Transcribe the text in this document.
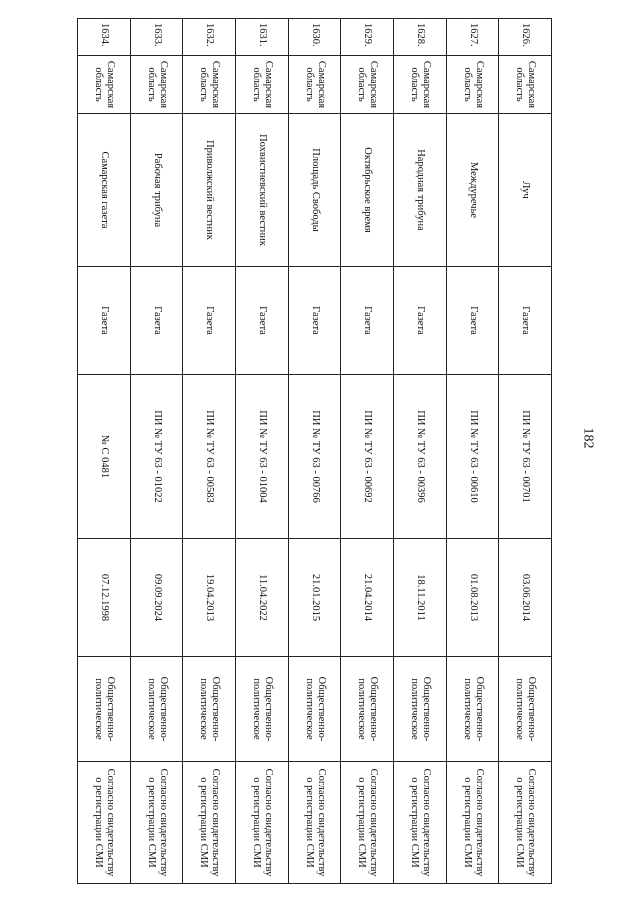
182
1626.	Самарская область	Луч	Газета	ПИ № ТУ 63 - 00701	03.06.2014	Общественно-политическое	Согласно свидетельству о регистрации СМИ
1627.	Самарская область	Междуречье	Газета	ПИ № ТУ 63 - 00610	01.08.2013	Общественно-политическое	Согласно свидетельству о регистрации СМИ
1628.	Самарская область	Народная трибуна	Газета	ПИ № ТУ 63 - 00396	18.11.2011	Общественно-политическое	Согласно свидетельству о регистрации СМИ
1629.	Самарская область	Октябрьское время	Газета	ПИ № ТУ 63 - 00692	21.04.2014	Общественно-политическое	Согласно свидетельству о регистрации СМИ
1630.	Самарская область	Площадь Свободы	Газета	ПИ № ТУ 63 - 00766	21.01.2015	Общественно-политическое	Согласно свидетельству о регистрации СМИ
1631.	Самарская область	Похвистневский вестник	Газета	ПИ № ТУ 63 - 01004	11.04.2022	Общественно-политическое	Согласно свидетельству о регистрации СМИ
1632.	Самарская область	Приволжский вестник	Газета	ПИ № ТУ 63 - 00583	19.04.2013	Общественно-политическое	Согласно свидетельству о регистрации СМИ
1633.	Самарская область	Рабочая трибуна	Газета	ПИ № ТУ 63 - 01022	09.09.2024	Общественно-политическое	Согласно свидетельству о регистрации СМИ
1634.	Самарская область	Самарская газета	Газета	№ С 0481	07.12.1998	Общественно-политическое	Согласно свидетельству о регистрации СМИ
